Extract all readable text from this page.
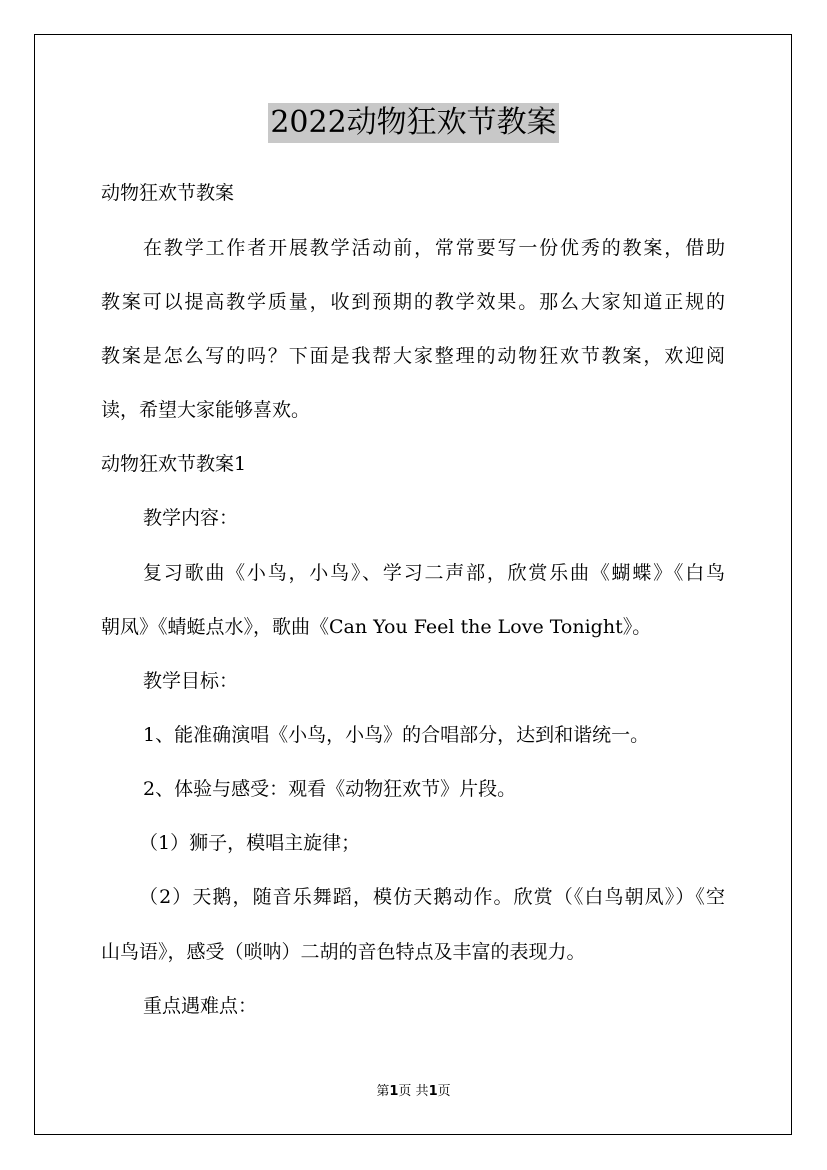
2022动物狂欢节教案
动物狂欢节教案
在教学工作者开展教学活动前，常常要写一份优秀的教案，借助
教案可以提高教学质量，收到预期的教学效果。那么大家知道正规的
教案是怎么写的吗？下面是我帮大家整理的动物狂欢节教案，欢迎阅
读，希望大家能够喜欢。
动物狂欢节教案1
教学内容：
复习歌曲《小鸟，小鸟》、学习二声部，欣赏乐曲《蝴蝶》《白鸟
朝凤》《蜻蜓点水》，歌曲《Can You Feel the Love Tonight》。
教学目标：
1、能准确演唱《小鸟，小鸟》的合唱部分，达到和谐统一。
2、体验与感受：观看《动物狂欢节》片段。
（1）狮子，模唱主旋律；
（2）天鹅，随音乐舞蹈，模仿天鹅动作。欣赏（《白鸟朝凤》）《空
山鸟语》，感受（唢呐）二胡的音色特点及丰富的表现力。
重点遇难点：
第1页 共1页
